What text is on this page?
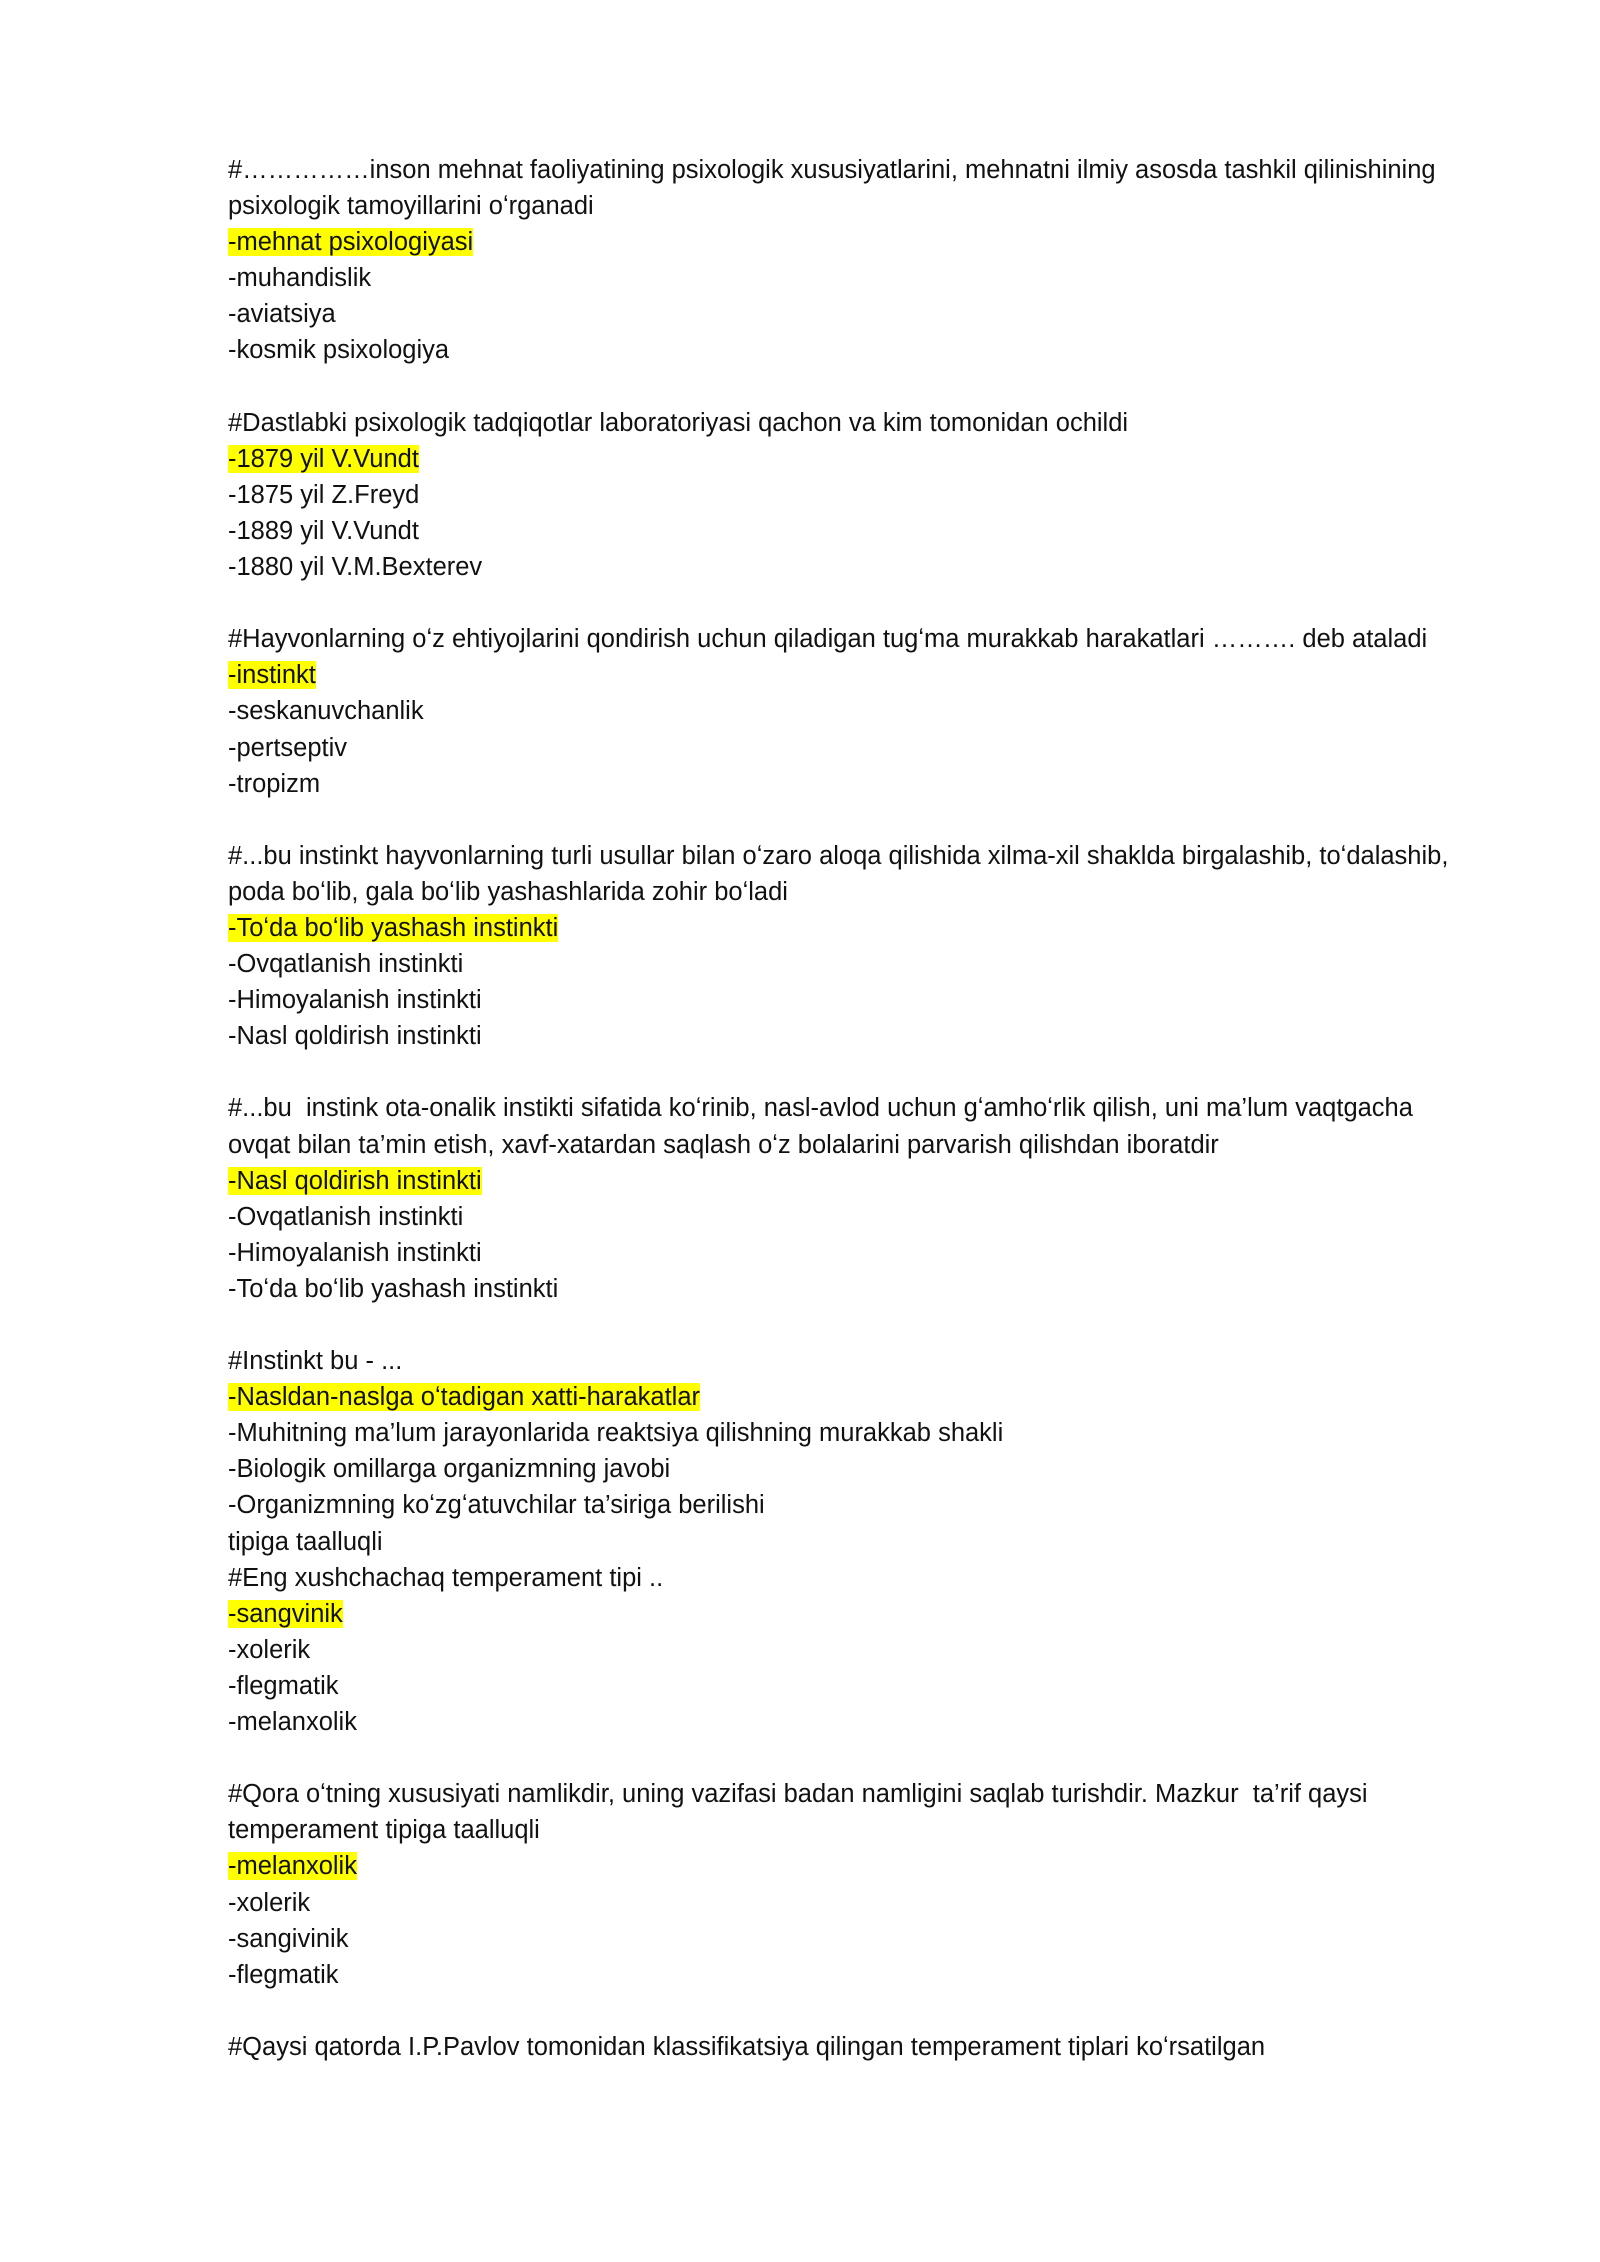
#……………inson mehnat faoliyatining psixologik xususiyatlarini, mehnatni ilmiy asosda tashkil qilinishining psixologik tamoyillarini oʻrganadi
-mehnat psixologiyasi
-muhandislik
-aviatsiya
-kosmik psixologiya
#Dastlabki psixologik tadqiqotlar laboratoriyasi qachon va kim tomonidan ochildi
-1879 yil V.Vundt
-1875 yil Z.Freyd
-1889 yil V.Vundt
-1880 yil V.M.Bexterev
#Hayvonlarning oʻz ehtiyojlarini qondirish uchun qiladigan tugʻma murakkab harakatlari ………. deb ataladi
-instinkt
-seskanuvchanlik
-pertseptiv
-tropizm
#...bu instinkt hayvonlarning turli usullar bilan oʻzaro aloqa qilishida xilma-xil shaklda birgalashib, toʻdalashib, poda boʻlib, gala boʻlib yashashlarida zohir boʻladi
-Toʻda boʻlib yashash instinkti
-Ovqatlanish instinkti
-Himoyalanish instinkti
-Nasl qoldirish instinkti
#...bu  instink ota-onalik instikti sifatida koʻrinib, nasl-avlod uchun gʻamhoʻrlik qilish, uni ma’lum vaqtgacha ovqat bilan ta’min etish, xavf-xatardan saqlash oʻz bolalarini parvarish qilishdan iboratdir
-Nasl qoldirish instinkti
-Ovqatlanish instinkti
-Himoyalanish instinkti
-Toʻda boʻlib yashash instinkti
#Instinkt bu - ...
-Nasldan-naslga oʻtadigan xatti-harakatlar
-Muhitning ma’lum jarayonlarida reaktsiya qilishning murakkab shakli
-Biologik omillarga organizmning javobi
-Organizmning koʻzgʻatuvchilar ta’siriga berilishi
tipiga taalluqli
#Eng xushchachaq temperament tipi ..
-sangvinik
-xolerik
-flegmatik
-melanxolik
#Qora oʻtning xususiyati namlikdir, uning vazifasi badan namligini saqlab turishdir. Mazkur  ta’rif qaysi temperament tipiga taalluqli
-melanxolik
-xolerik
-sangivinik
-flegmatik
#Qaysi qatorda I.P.Pavlov tomonidan klassifikatsiya qilingan temperament tiplari koʻrsatilgan
